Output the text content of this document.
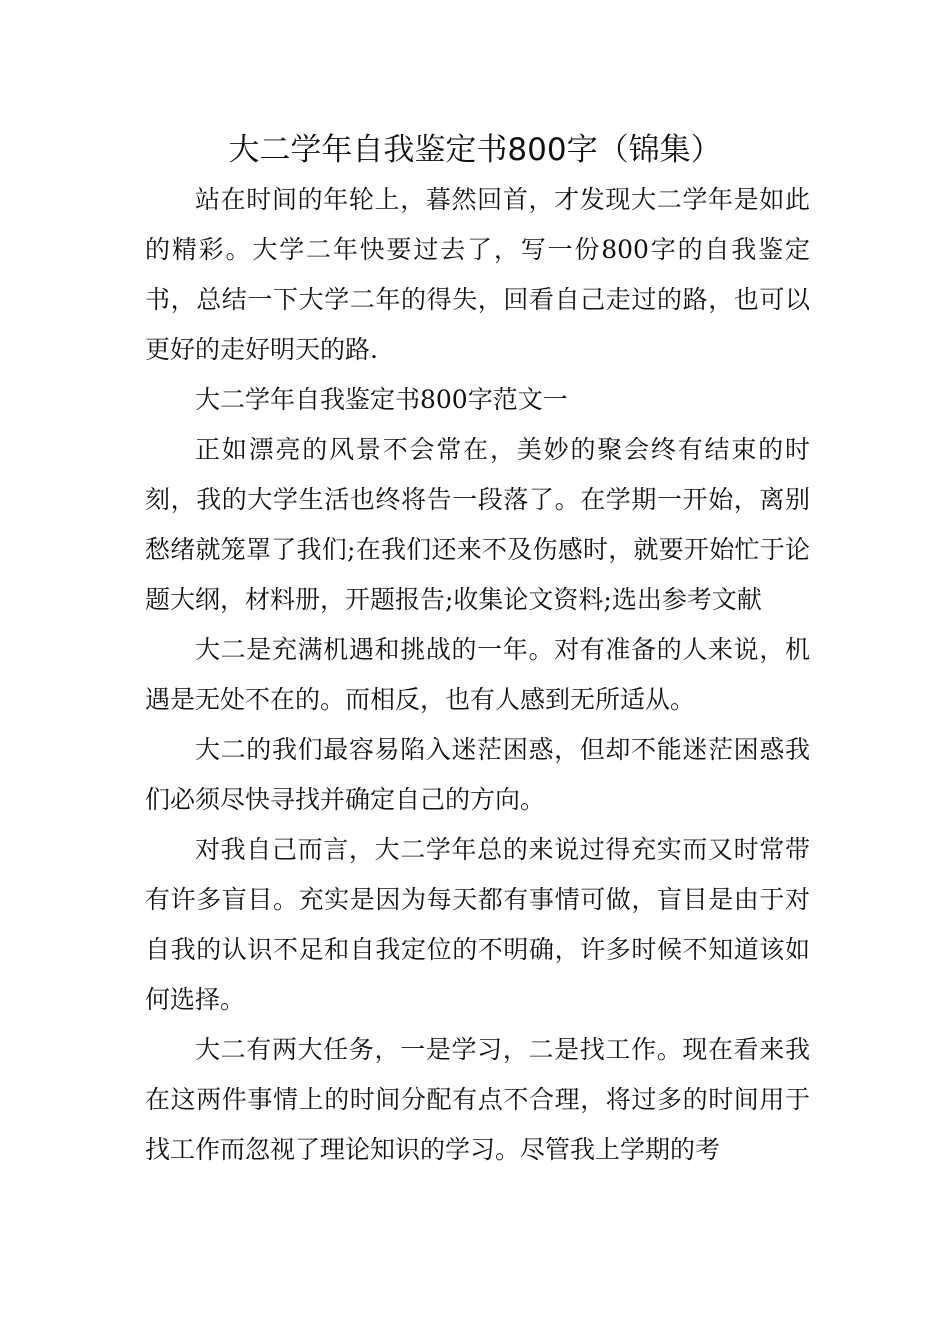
大二学年自我鉴定书800字（锦集）

站在时间的年轮上，暮然回首，才发现大二学年是如此的精彩。大学二年快要过去了，写一份800字的自我鉴定书，总结一下大学二年的得失，回看自己走过的路，也可以更好的走好明天的路.

大二学年自我鉴定书800字范文一

正如漂亮的风景不会常在，美妙的聚会终有结束的时刻，我的大学生活也终将告一段落了。在学期一开始，离别愁绪就笼罩了我们;在我们还来不及伤感时，就要开始忙于论题大纲，材料册，开题报告;收集论文资料;选出参考文献

大二是充满机遇和挑战的一年。对有准备的人来说，机遇是无处不在的。而相反，也有人感到无所适从。

大二的我们最容易陷入迷茫困惑，但却不能迷茫困惑我们必须尽快寻找并确定自己的方向。

对我自己而言，大二学年总的来说过得充实而又时常带有许多盲目。充实是因为每天都有事情可做，盲目是由于对自我的认识不足和自我定位的不明确，许多时候不知道该如何选择。

大二有两大任务，一是学习，二是找工作。现在看来我在这两件事情上的时间分配有点不合理，将过多的时间用于找工作而忽视了理论知识的学习。尽管我上学期的考
